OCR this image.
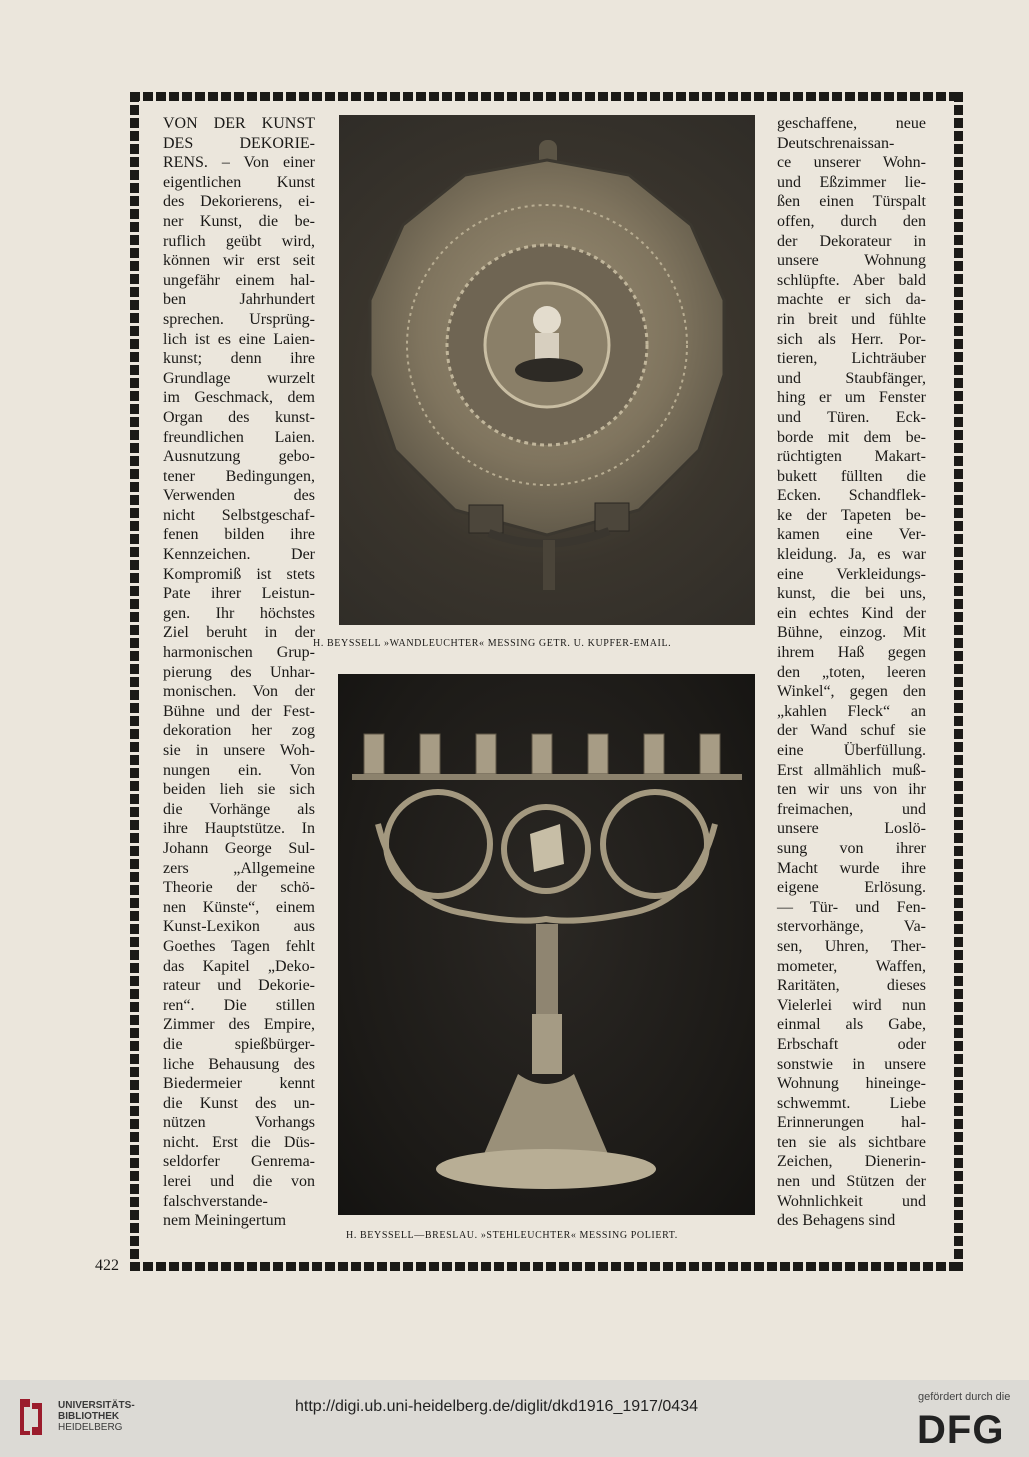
VON DER KUNST
DES DEKORIE-
RENS. – Von einer
eigentlichen Kunst
des Dekorierens, ei-
ner Kunst, die be-
ruflich geübt wird,
können wir erst seit
ungefähr einem hal-
ben Jahrhundert
sprechen. Ursprüng-
lich ist es eine Laien-
kunst; denn ihre
Grundlage wurzelt
im Geschmack, dem
Organ des kunst-
freundlichen Laien.
Ausnutzung gebo-
tener Bedingungen,
Verwenden des
nicht Selbstgeschaf-
fenen bilden ihre
Kennzeichen. Der
Kompromiß ist stets
Pate ihrer Leistun-
gen. Ihr höchstes
Ziel beruht in der
harmonischen Grup-
pierung des Unhar-
monischen. Von der
Bühne und der Fest-
dekoration her zog
sie in unsere Woh-
nungen ein. Von
beiden lieh sie sich
die Vorhänge als
ihre Hauptstütze. In
Johann George Sul-
zers „Allgemeine
Theorie der schö-
nen Künste“, einem
Kunst-Lexikon aus
Goethes Tagen fehlt
das Kapitel „Deko-
rateur und Dekorie-
ren“. Die stillen
Zimmer des Empire,
die spießbürger-
liche Behausung des
Biedermeier kennt
die Kunst des un-
nützen Vorhangs
nicht. Erst die Düs-
seldorfer Genrema-
lerei und die von
falschverstande-
nem Meiningertum
H. BEYSSELL »WANDLEUCHTER« MESSING GETR. U. KUPFER-EMAIL.
H. BEYSSELL—BRESLAU. »STEHLEUCHTER« MESSING POLIERT.
geschaffene, neue
Deutschrenaissan-
ce unserer Wohn-
und Eßzimmer lie-
ßen einen Türspalt
offen, durch den
der Dekorateur in
unsere Wohnung
schlüpfte. Aber bald
machte er sich da-
rin breit und fühlte
sich als Herr. Por-
tieren, Lichträuber
und Staubfänger,
hing er um Fenster
und Türen. Eck-
borde mit dem be-
rüchtigten Makart-
bukett füllten die
Ecken. Schandflek-
ke der Tapeten be-
kamen eine Ver-
kleidung. Ja, es war
eine Verkleidungs-
kunst, die bei uns,
ein echtes Kind der
Bühne, einzog. Mit
ihrem Haß gegen
den „toten, leeren
Winkel“, gegen den
„kahlen Fleck“ an
der Wand schuf sie
eine Überfüllung.
Erst allmählich muß-
ten wir uns von ihr
freimachen, und
unsere Loslö-
sung von ihrer
Macht wurde ihre
eigene Erlösung.
— Tür- und Fen-
stervorhänge, Va-
sen, Uhren, Ther-
mometer, Waffen,
Raritäten, dieses
Vielerlei wird nun
einmal als Gabe,
Erbschaft oder
sonstwie in unsere
Wohnung hineinge-
schwemmt. Liebe
Erinnerungen hal-
ten sie als sichtbare
Zeichen, Dienerin-
nen und Stützen der
Wohnlichkeit und
des Behagens sind
422
UNIVERSITÄTS-
BIBLIOTHEK
HEIDELBERG
http://digi.ub.uni-heidelberg.de/diglit/dkd1916_1917/0434
gefördert durch die
DFG
